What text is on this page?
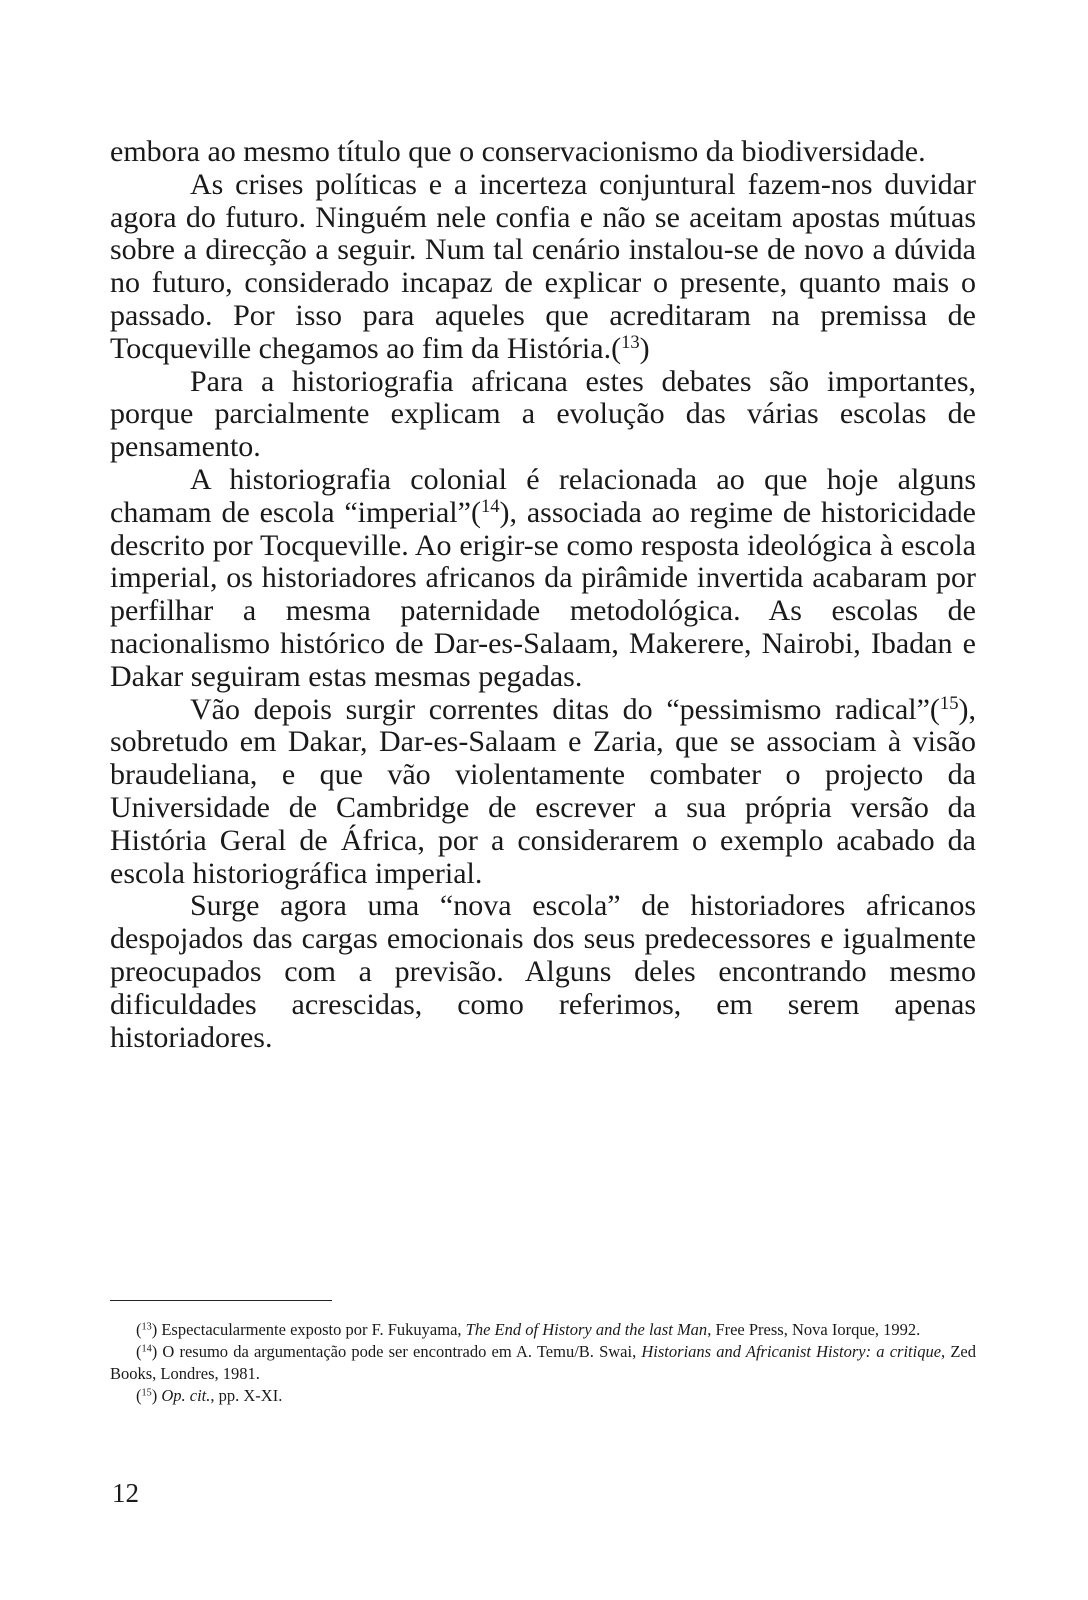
embora ao mesmo título que o conservacionismo da biodiversidade.

As crises políticas e a incerteza conjuntural fazem-nos duvidar agora do futuro. Ninguém nele confia e não se aceitam apostas mútuas sobre a direcção a seguir. Num tal cenário instalou-se de novo a dúvida no futuro, considerado incapaz de explicar o presente, quanto mais o passado. Por isso para aqueles que acreditaram na premissa de Tocqueville chegamos ao fim da História.($^{13}$)

Para a historiografia africana estes debates são importantes, porque parcialmente explicam a evolução das várias escolas de pensamento.

A historiografia colonial é relacionada ao que hoje alguns chamam de escola “imperial”($^{14}$), associada ao regime de historicidade descrito por Tocqueville. Ao erigir-se como resposta ideológica à escola imperial, os historiadores africanos da pirâmide invertida acabaram por perfilhar a mesma paternidade metodológica. As escolas de nacionalismo histórico de Dar-es-Salaam, Makerere, Nairobi, Ibadan e Dakar seguiram estas mesmas pegadas.

Vão depois surgir correntes ditas do “pessimismo radical”($^{15}$), sobretudo em Dakar, Dar-es-Salaam e Zaria, que se associam à visão braudeliana, e que vão violentamente combater o projecto da Universidade de Cambridge de escrever a sua própria versão da História Geral de África, por a considerarem o exemplo acabado da escola historiográfica imperial.

Surge agora uma “nova escola” de historiadores africanos despojados das cargas emocionais dos seus predecessores e igualmente preocupados com a previsão. Alguns deles encontrando mesmo dificuldades acrescidas, como referimos, em serem apenas historiadores.

($^{13}$) Espectacularmente exposto por F. Fukuyama, The End of History and the last Man, Free Press, Nova Iorque, 1992.

($^{14}$) O resumo da argumentação pode ser encontrado em A. Temu/B. Swai, Historians and Africanist History: a critique, Zed Books, Londres, 1981.

($^{15}$) Op. cit., pp. X-XI.

12
